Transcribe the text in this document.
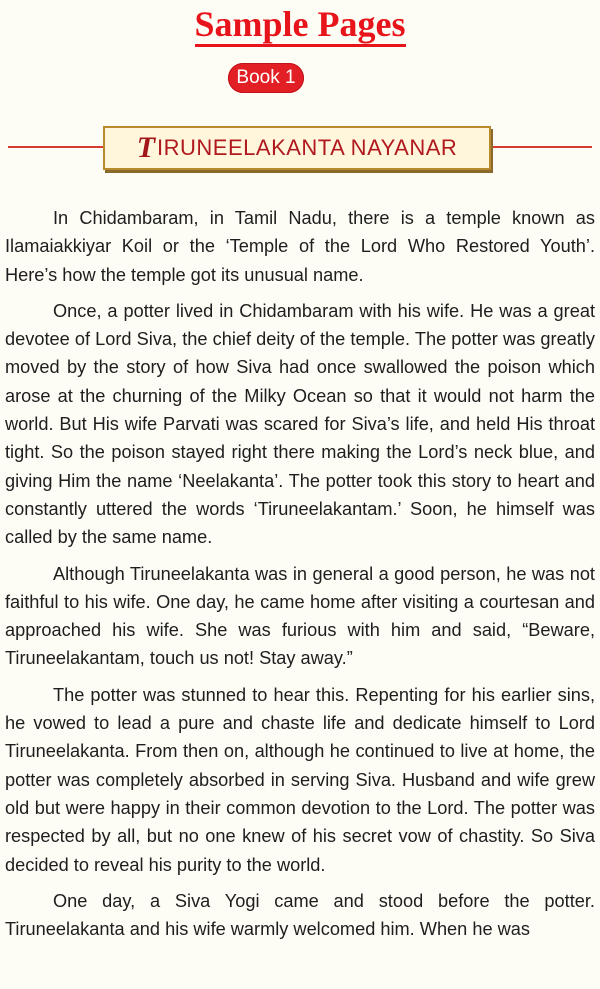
Sample Pages
Book 1
T IRUNEELAKANTA NAYANAR

In Chidambaram, in Tamil Nadu, there is a temple known as Ilamaiakkiyar Koil or the ‘Temple of the Lord Who Restored Youth’. Here’s how the temple got its unusual name.

Once, a potter lived in Chidambaram with his wife. He was a great devotee of Lord Siva, the chief deity of the temple. The potter was greatly moved by the story of how Siva had once swallowed the poison which arose at the churning of the Milky Ocean so that it would not harm the world. But His wife Parvati was scared for Siva’s life, and held His throat tight. So the poison stayed right there making the Lord’s neck blue, and giving Him the name ‘Neelakanta’. The potter took this story to heart and constantly uttered the words ‘Tiruneelakantam.’ Soon, he himself was called by the same name.

Although Tiruneelakanta was in general a good person, he was not faithful to his wife. One day, he came home after visiting a courtesan and approached his wife. She was furious with him and said, “Beware, Tiruneelakantam, touch us not! Stay away.”

The potter was stunned to hear this. Repenting for his earlier sins, he vowed to lead a pure and chaste life and dedicate himself to Lord Tiruneelakanta. From then on, although he continued to live at home, the potter was completely absorbed in serving Siva. Husband and wife grew old but were happy in their common devotion to the Lord. The potter was respected by all, but no one knew of his secret vow of chastity. So Siva decided to reveal his purity to the world.

One day, a Siva Yogi came and stood before the potter. Tiruneelakanta and his wife warmly welcomed him. When he was
